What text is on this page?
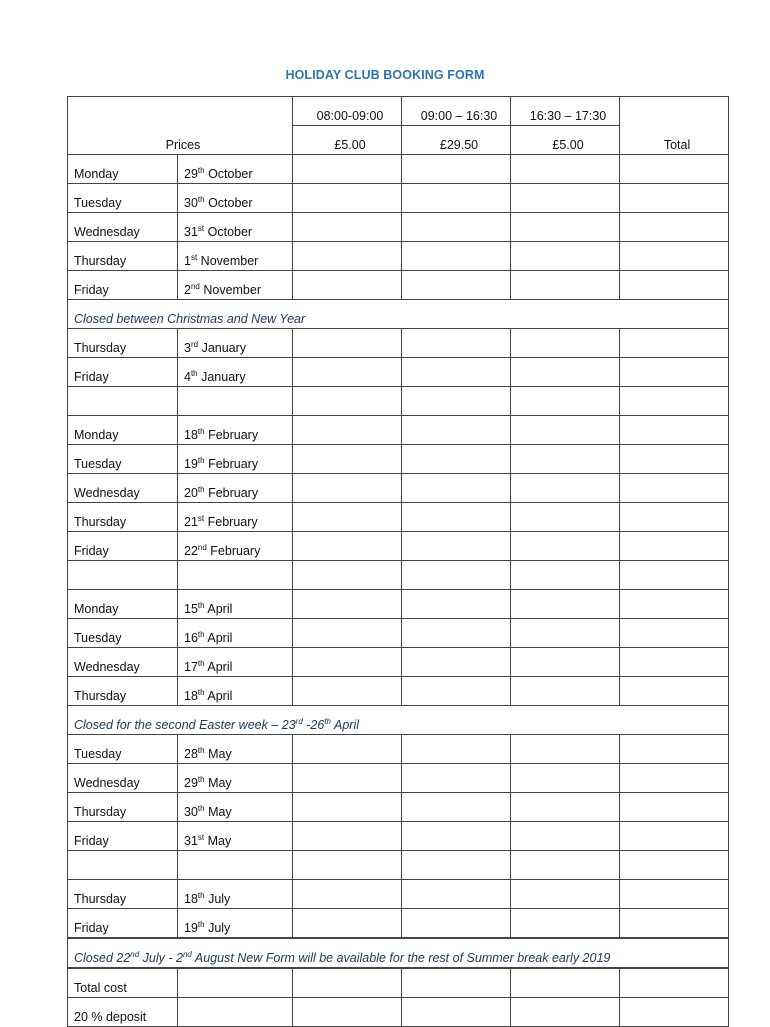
HOLIDAY CLUB BOOKING FORM
Prices		08:00-09:00	09:00 – 16:30	16:30 – 17:30	Total
		£5.00	£29.50	£5.00	
Monday	29th October				
Tuesday	30th October				
Wednesday	31st October				
Thursday	1st November				
Friday	2nd November				
Closed between Christmas and New Year					
Thursday	3rd January				
Friday	4th January				

Monday	18th February				
Tuesday	19th February				
Wednesday	20th February				
Thursday	21st February				
Friday	22nd February				

Monday	15th April				
Tuesday	16th April				
Wednesday	17th April				
Thursday	18th April				
Closed for the second Easter week – 23rd -26th April					
Tuesday	28th May				
Wednesday	29th May				
Thursday	30th May				
Friday	31st May				

Thursday	18th July				
Friday	19th July				
Closed 22nd July - 2nd August New Form will be available for the rest of Summer break early 2019					
Total cost					
20 % deposit					
